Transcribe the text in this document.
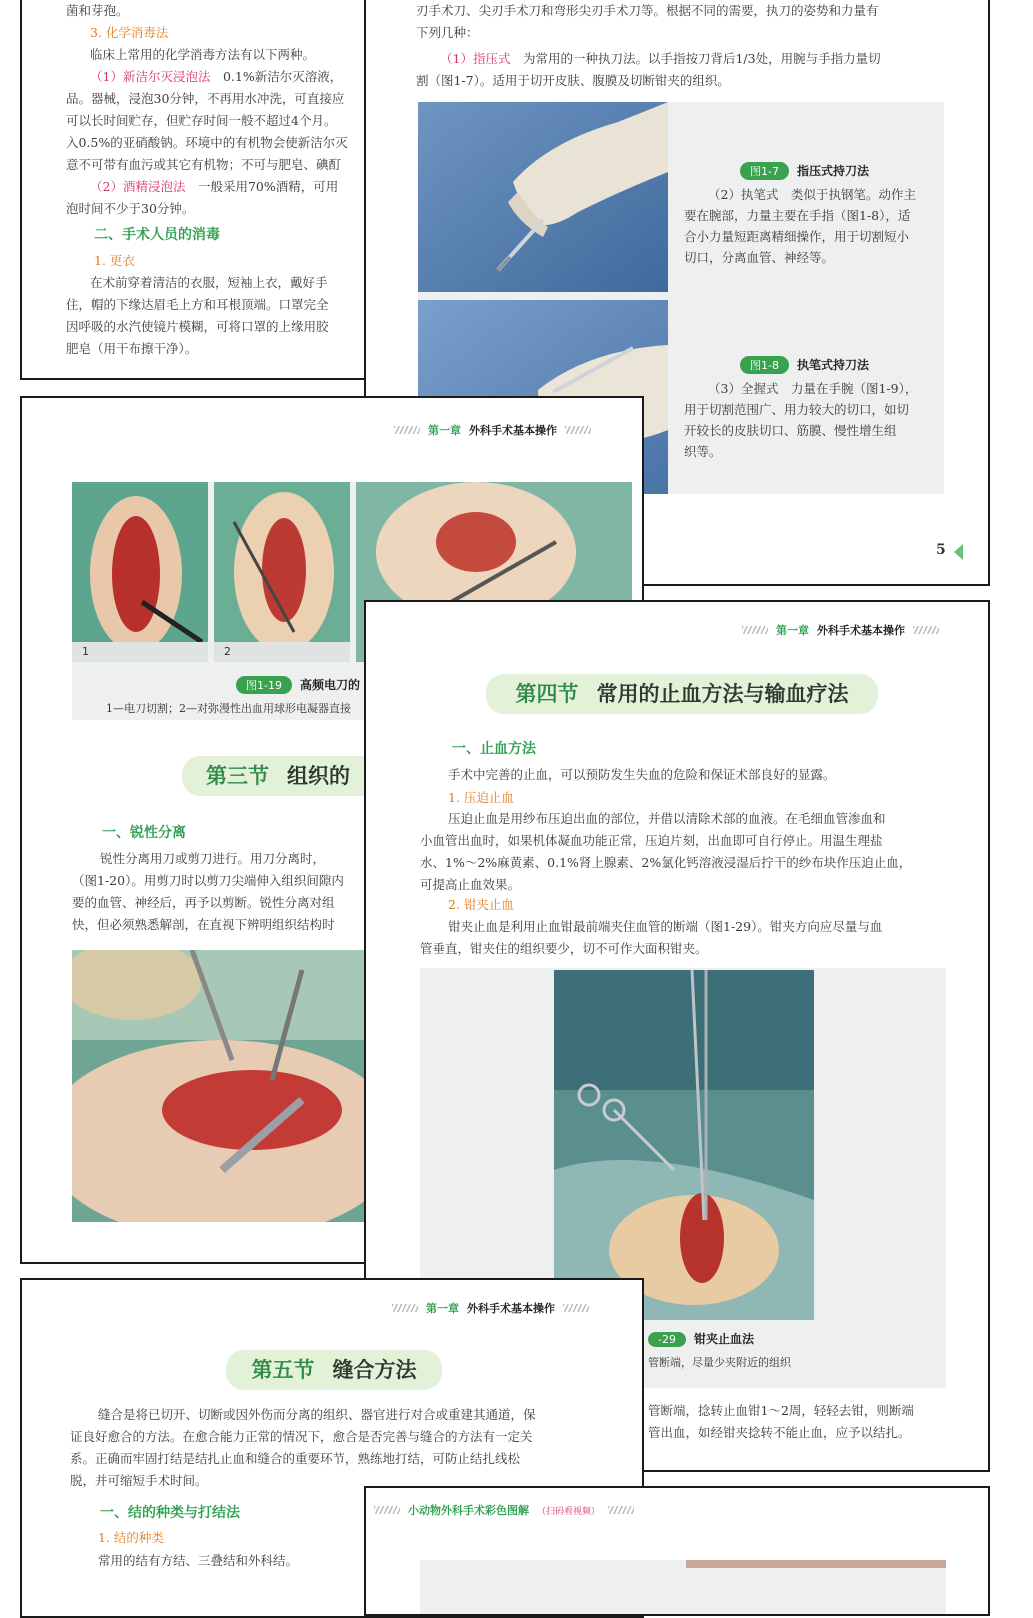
菌和芽孢。
3. 化学消毒法
临床上常用的化学消毒方法有以下两种。
（1）新洁尔灭浸泡法　0.1%新洁尔灭溶液，
品。器械，浸泡30分钟，不再用水冲洗，可直接应
可以长时间贮存，但贮存时间一般不超过4个月。
入0.5%的亚硝酸钠。环境中的有机物会使新洁尔灭
意不可带有血污或其它有机物；不可与肥皂、碘酊
（2）酒精浸泡法　一般采用70%酒精，可用
泡时间不少于30分钟。
二、手术人员的消毒
1. 更衣
在术前穿着清洁的衣服，短袖上衣，戴好手
住，帽的下缘达眉毛上方和耳根顶端。口罩完全
因呼吸的水汽使镜片模糊，可将口罩的上缘用胶
肥皂（用干布擦干净）。
刃手术刀、尖刃手术刀和弯形尖刃手术刀等。根据不同的需要，执刀的姿势和力量有
下列几种：
（1）指压式　为常用的一种执刀法。以手指按刀背后1/3处，用腕与手指力量切
割（图1-7）。适用于切开皮肤、腹膜及切断钳夹的组织。
图1-7 指压式持刀法
（2）执笔式　类似于执钢笔。动作主
要在腕部，力量主要在手指（图1-8），适
合小力量短距离精细操作，用于切割短小
切口，分离血管、神经等。
图1-8 执笔式持刀法
（3）全握式　力量在手腕（图1-9），
用于切割范围广、用力较大的切口，如切
开较长的皮肤切口、筋膜、慢性增生组
织等。
5
第一章 外科手术基本操作
1	2
图1-19 高频电刀的
1—电刀切割；2—对弥漫性出血用球形电凝器直接
第三节 组织的
一、锐性分离
锐性分离用刀或剪刀进行。用刀分离时，
（图1-20）。用剪刀时以剪刀尖端伸入组织间隙内
要的血管、神经后，再予以剪断。锐性分离对组
快，但必须熟悉解剖，在直视下辨明组织结构时
第一章 外科手术基本操作
第四节 常用的止血方法与输血疗法
一、止血方法
手术中完善的止血，可以预防发生失血的危险和保证术部良好的显露。
1. 压迫止血
压迫止血是用纱布压迫出血的部位，并借以清除术部的血液。在毛细血管渗血和
小血管出血时，如果机体凝血功能正常，压迫片刻，出血即可自行停止。用温生理盐
水、1%～2%麻黄素、0.1%肾上腺素、2%氯化钙溶液浸湿后拧干的纱布块作压迫止血，
可提高止血效果。
2. 钳夹止血
钳夹止血是利用止血钳最前端夹住血管的断端（图1-29）。钳夹方向应尽量与血
管垂直，钳夹住的组织要少，切不可作大面积钳夹。
-29 钳夹止血法
管断端，尽量少夹附近的组织
管断端，捻转止血钳1～2周，轻轻去钳，则断端
管出血，如经钳夹捻转不能止血，应予以结扎。
第一章 外科手术基本操作
第五节 缝合方法
缝合是将已切开、切断或因外伤而分离的组织、器官进行对合或重建其通道，保
证良好愈合的方法。在愈合能力正常的情况下，愈合是否完善与缝合的方法有一定关
系。正确而牢固打结是结扎止血和缝合的重要环节，熟练地打结，可防止结扎线松
脱，并可缩短手术时间。
一、结的种类与打结法
1. 结的种类
常用的结有方结、三叠结和外科结。
小动物外科手术彩色图解 （扫码看视频）
